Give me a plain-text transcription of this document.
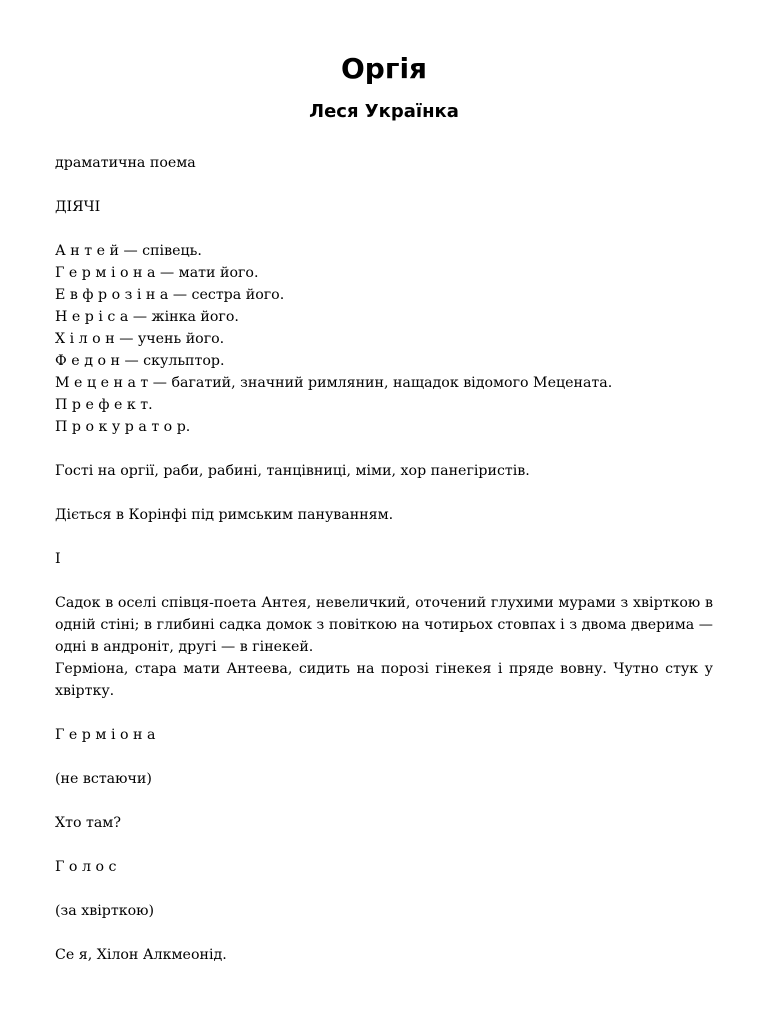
Оргія
Леся Українка

драматична поема

ДІЯЧІ

А н т е й — співець.

Г е р м і о н а — мати його.

Е в ф р о з і н а — сестра його.

Н е р і с а — жінка його.

Х і л о н — учень його.

Ф е д о н — скульптор.

М е ц е н а т — багатий, значний римлянин, нащадок відомого Мецената.

П р е ф е к т.

П р о к у р а т о р.

Гості на оргії, раби, рабині, танцівниці, міми, хор панегіристів.

Діється в Корінфі під римським пануванням.

I

Садок в оселі співця-поета Антея, невеличкий, оточений глухими мурами з хвірткою в одній стіні; в глибині садка домок з повіткою на чотирьох стовпах і з двома дверима — одні в андроніт, другі — в гінекей.

Герміона, стара мати Антеева, сидить на порозі гінекея і пряде вовну. Чутно стук у хвіртку.

Г е р м і о н а

(не встаючи)

Хто там?

Г о л о с

(за хвірткою)

Се я, Хілон Алкмеонід.
